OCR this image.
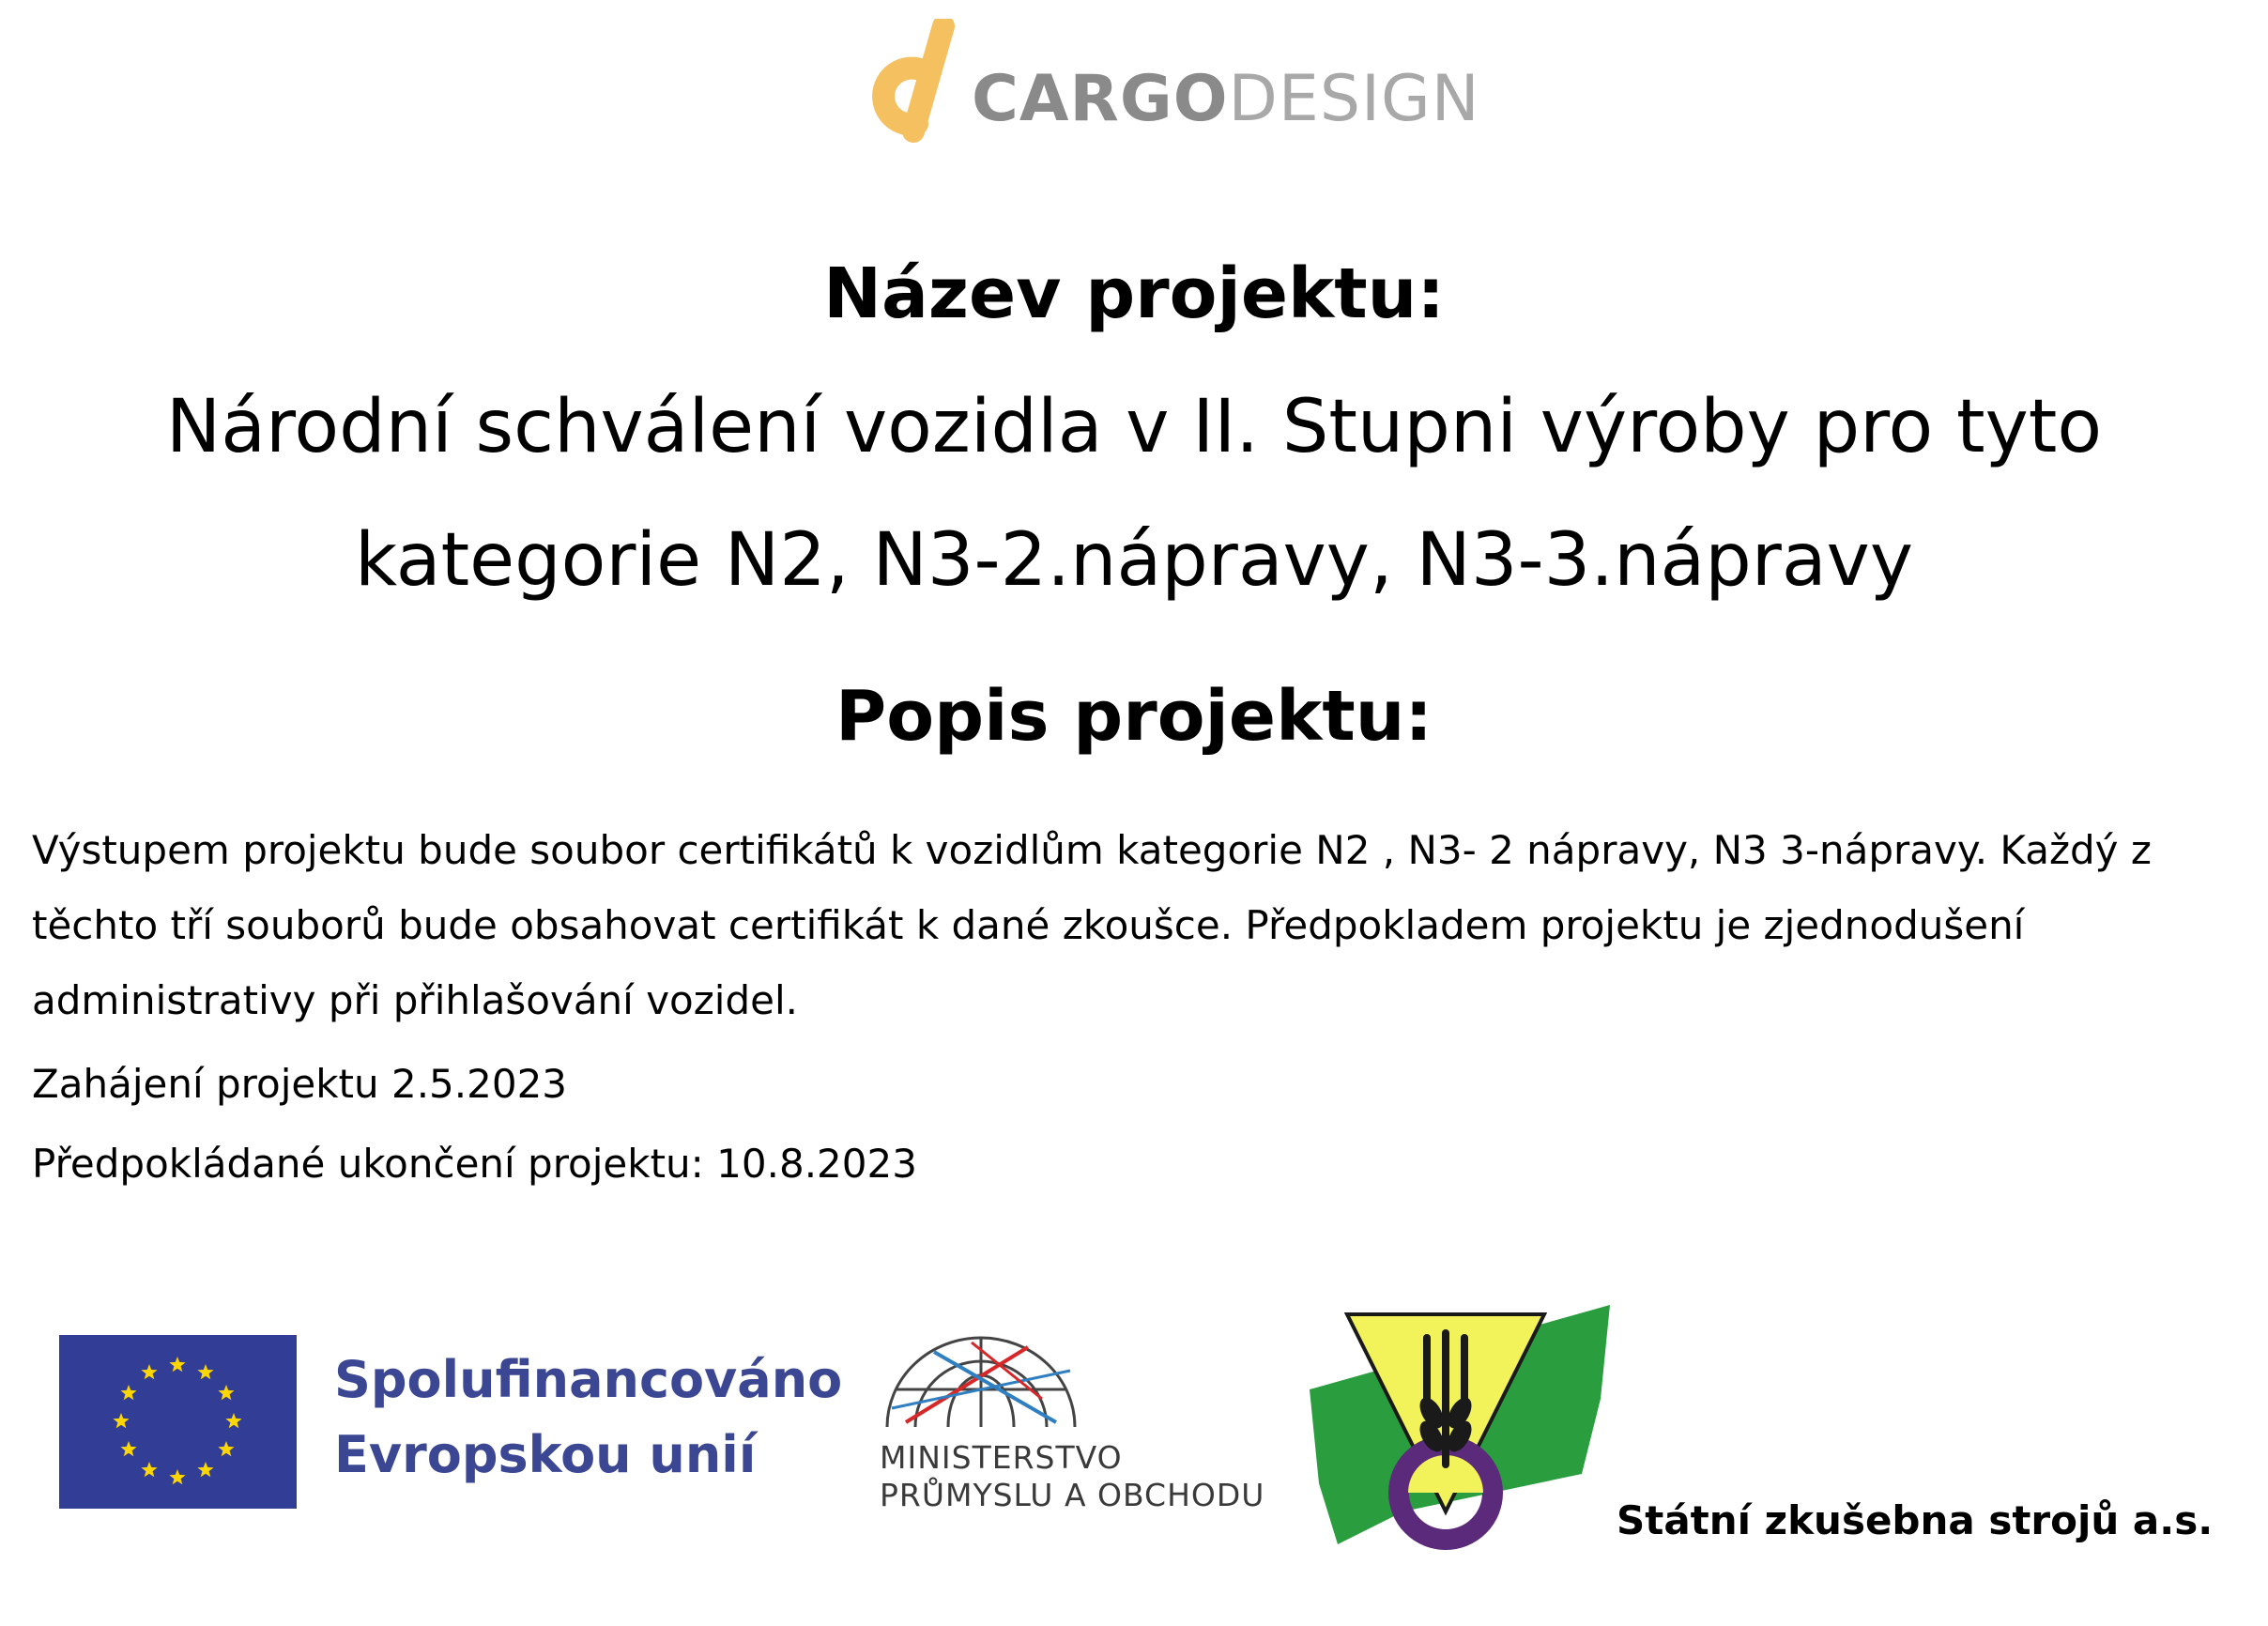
CARGODESIGN
Název projektu:
Národní schválení vozidla v II. Stupni výroby pro tyto
kategorie N2, N3-2.nápravy, N3-3.nápravy
Popis projektu:
Výstupem projektu bude soubor certifikátů k vozidlům kategorie N2 , N3- 2 nápravy, N3 3-nápravy. Každý z těchto tří souborů bude obsahovat certifikát k dané zkoušce. Předpokladem projektu je zjednodušení administrativy při přihlašování vozidel.
Zahájení projektu 2.5.2023
Předpokládané ukončení projektu: 10.8.2023
Spolufinancováno
Evropskou unií	MINISTERSTVO
PRŮMYSLU A OBCHODU
Státní zkušebna strojů a.s.
